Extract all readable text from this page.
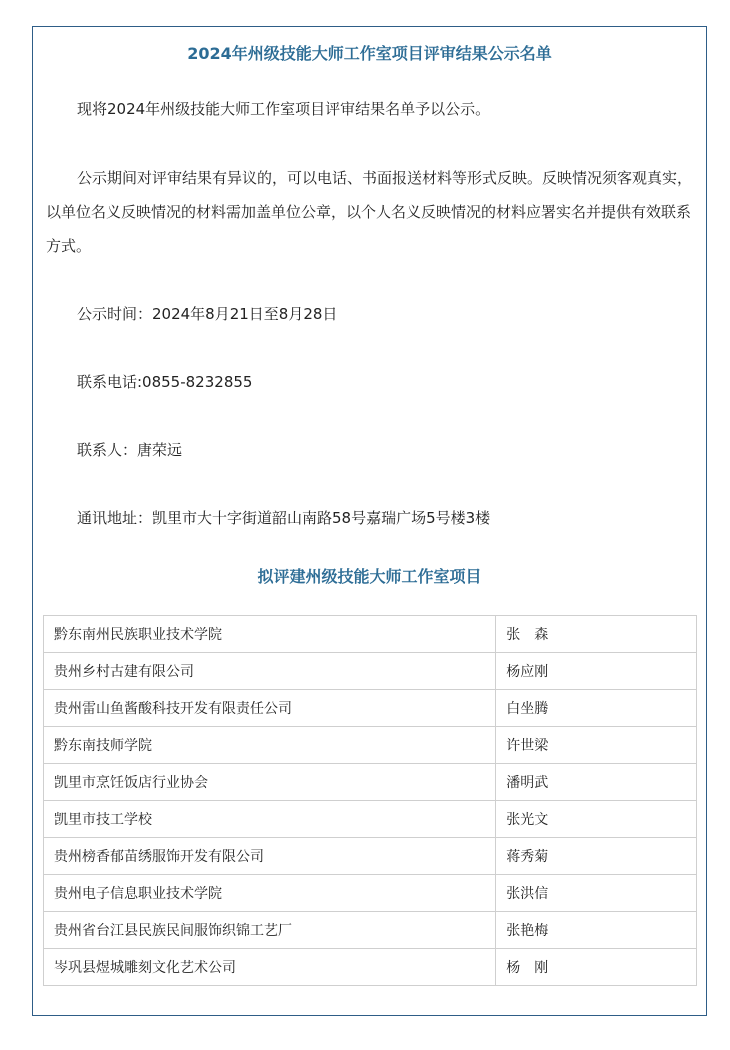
2024年州级技能大师工作室项目评审结果公示名单

现将2024年州级技能大师工作室项目评审结果名单予以公示。

公示期间对评审结果有异议的，可以电话、书面报送材料等形式反映。反映情况须客观真实，以单位名义反映情况的材料需加盖单位公章，以个人名义反映情况的材料应署实名并提供有效联系方式。

公示时间：2024年8月21日至8月28日

联系电话:0855-8232855

联系人：唐荣远

通讯地址：凯里市大十字街道韶山南路58号嘉瑞广场5号楼3楼

拟评建州级技能大师工作室项目
黔东南州民族职业技术学院	张　森
贵州乡村古建有限公司	杨应刚
贵州雷山鱼酱酸科技开发有限责任公司	白坐腾
黔东南技师学院	许世梁
凯里市烹饪饭店行业协会	潘明武
凯里市技工学校	张光文
贵州榜香郁苗绣服饰开发有限公司	蒋秀菊
贵州电子信息职业技术学院	张洪信
贵州省台江县民族民间服饰织锦工艺厂	张艳梅
岑巩县煜城雕刻文化艺术公司	杨　刚
